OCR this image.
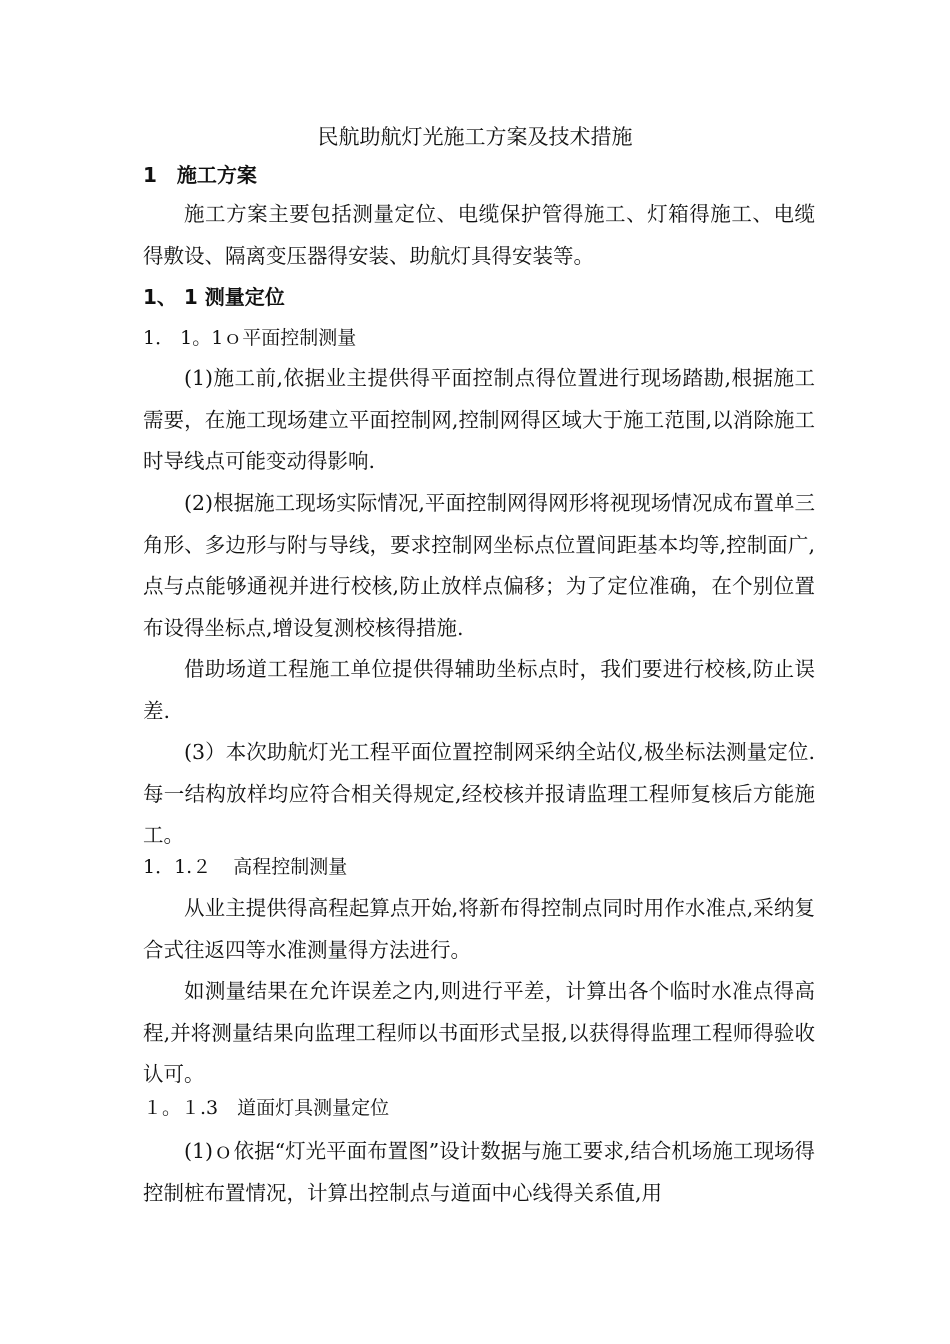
民航助航灯光施工方案及技术措施
1　施工方案

施工方案主要包括测量定位、电缆保护管得施工、灯箱得施工、电缆得敷设、隔离变压器得安装、助航灯具得安装等。

1、 1 测量定位
1． 1。1ｏ平面控制测量

(1)施工前,依据业主提供得平面控制点得位置进行现场踏勘,根据施工需要，在施工现场建立平面控制网,控制网得区域大于施工范围,以消除施工时导线点可能变动得影响.

(2)根据施工现场实际情况,平面控制网得网形将视现场情况成布置单三角形、多边形与附与导线，要求控制网坐标点位置间距基本均等,控制面广,点与点能够通视并进行校核,防止放样点偏移；为了定位准确，在个别位置布设得坐标点,增设复测校核得措施.

借助场道工程施工单位提供得辅助坐标点时，我们要进行校核,防止误差.

(3）本次助航灯光工程平面位置控制网采纳全站仪,极坐标法测量定位.每一结构放样均应符合相关得规定,经校核并报请监理工程师复核后方能施工。

1．1.２ 高程控制测量

从业主提供得高程起算点开始,将新布得控制点同时用作水准点,采纳复合式往返四等水准测量得方法进行。

如测量结果在允许误差之内,则进行平差，计算出各个临时水准点得高程,并将测量结果向监理工程师以书面形式呈报,以获得得监理工程师得验收认可。

１。１.3　道面灯具测量定位

(1)ｏ依据“灯光平面布置图”设计数据与施工要求,结合机场施工现场得控制桩布置情况，计算出控制点与道面中心线得关系值,用
